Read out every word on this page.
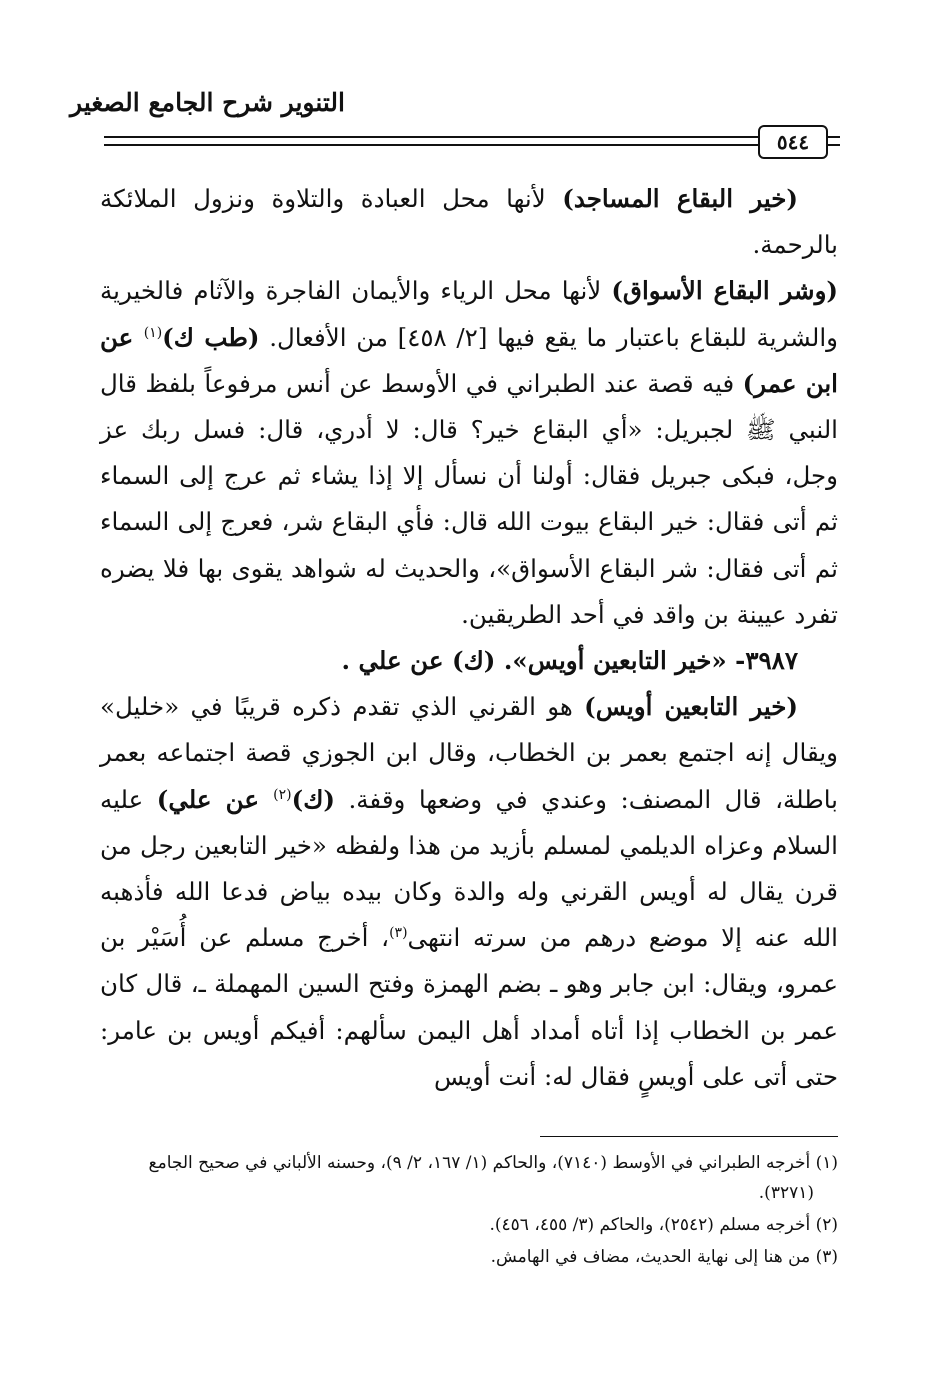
التنوير شرح الجامع الصغير
٥٤٤

(خير البقاع المساجد) لأنها محل العبادة والتلاوة ونزول الملائكة بالرحمة.

(وشر البقاع الأسواق) لأنها محل الرياء والأيمان الفاجرة والآثام فالخيرية والشرية للبقاع باعتبار ما يقع فيها [٢/ ٤٥٨] من الأفعال. (طب ك)$^{(١)}$ عن ابن عمر) فيه قصة عند الطبراني في الأوسط عن أنس مرفوعاً بلفظ قال النبي ﷺ لجبريل: «أي البقاع خير؟ قال: لا أدري، قال: فسل ربك عز وجل، فبكى جبريل فقال: أولنا أن نسأل إلا إذا يشاء ثم عرج إلى السماء ثم أتى فقال: خير البقاع بيوت الله قال: فأي البقاع شر، فعرج إلى السماء ثم أتى فقال: شر البقاع الأسواق»، والحديث له شواهد يقوى بها فلا يضره تفرد عيينة بن واقد في أحد الطريقين.

٣٩٨٧- «خير التابعين أويس». (ك) عن علي .

(خير التابعين أويس) هو القرني الذي تقدم ذكره قريبًا في «خليل» ويقال إنه اجتمع بعمر بن الخطاب، وقال ابن الجوزي قصة اجتماعه بعمر باطلة، قال المصنف: وعندي في وضعها وقفة. (ك)$^{(٢)}$ عن علي) عليه السلام وعزاه الديلمي لمسلم بأزيد من هذا ولفظه «خير التابعين رجل من قرن يقال له أويس القرني وله والدة وكان بيده بياض فدعا الله فأذهبه الله عنه إلا موضع درهم من سرته انتهى$^{(٣)}$، أخرج مسلم عن أُسَيْر بن عمرو، ويقال: ابن جابر وهو ـ بضم الهمزة وفتح السين المهملة ـ، قال كان عمر بن الخطاب إذا أتاه أمداد أهل اليمن سألهم: أفيكم أويس بن عامر: حتى أتى على أويسٍ فقال له: أنت أويس

(١) أخرجه الطبراني في الأوسط (٧١٤٠)، والحاكم (١/ ١٦٧، ٢/ ٩)، وحسنه الألباني في صحيح الجامع (٣٢٧١).

(٢) أخرجه مسلم (٢٥٤٢)، والحاكم (٣/ ٤٥٥، ٤٥٦).

(٣) من هنا إلى نهاية الحديث، مضاف في الهامش.
